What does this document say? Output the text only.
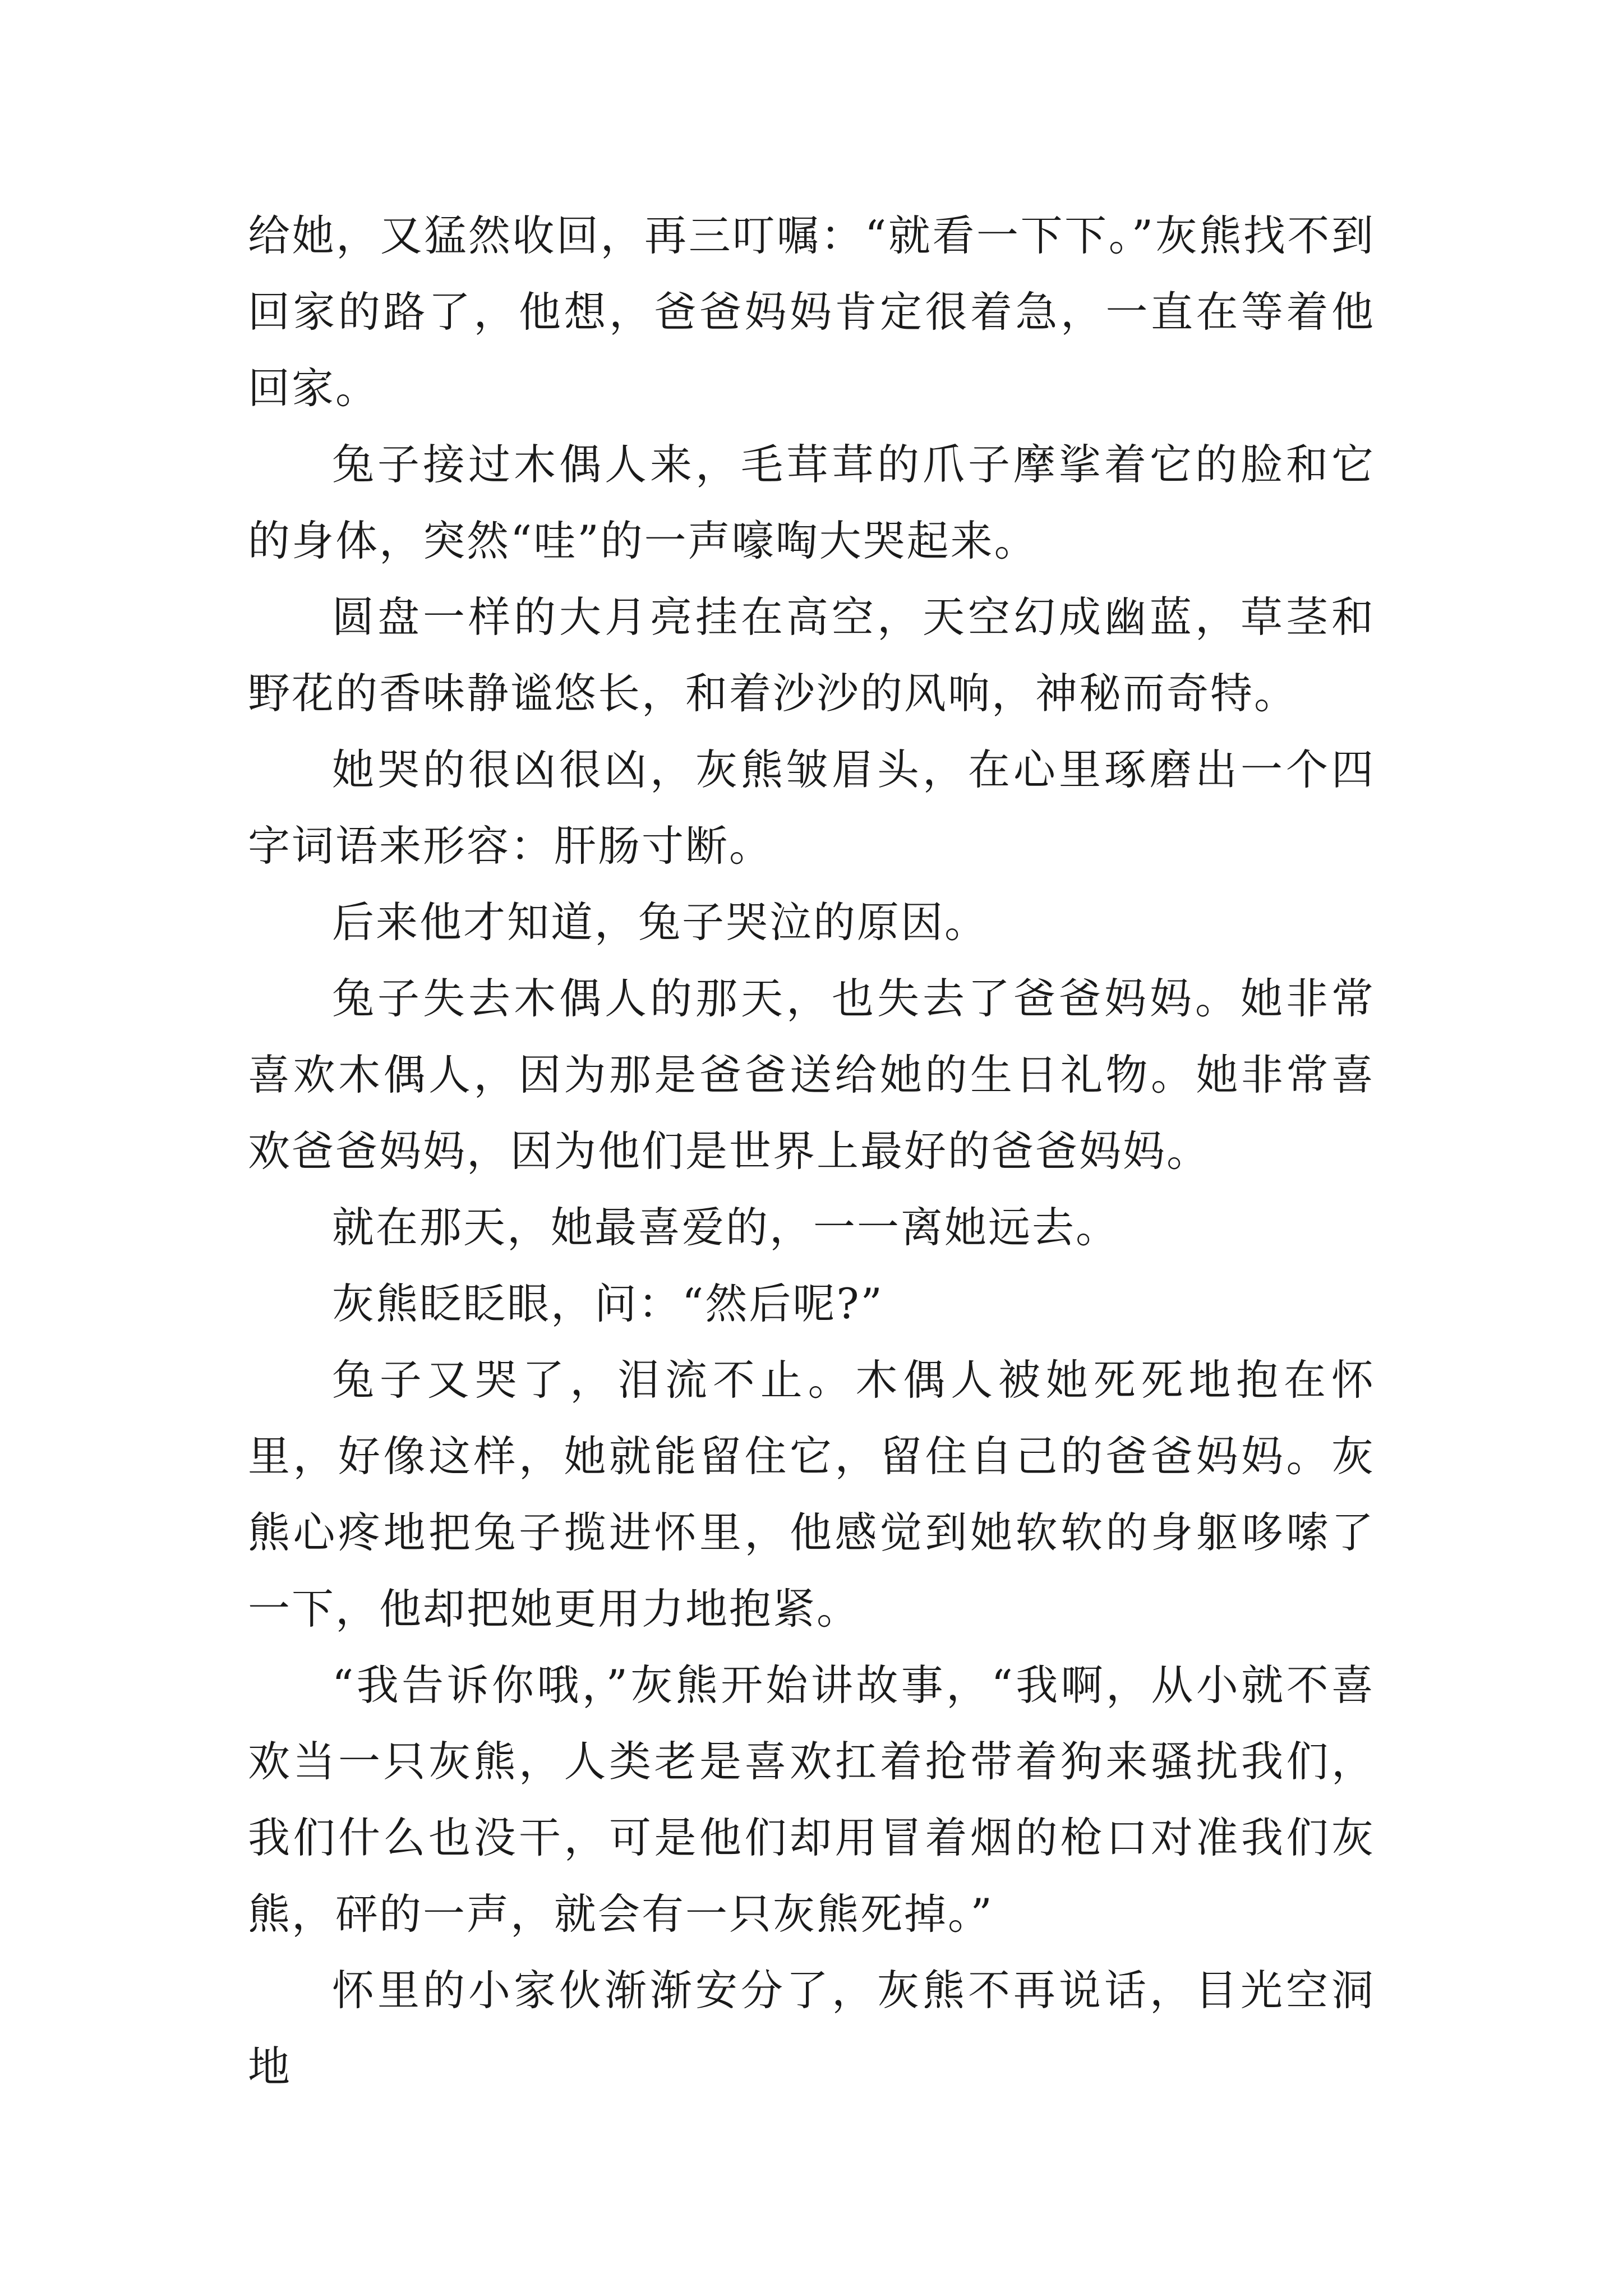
给她，又猛然收回，再三叮嘱：“就看一下下。”灰熊找不到回家的路了，他想，爸爸妈妈肯定很着急，一直在等着他回家。

兔子接过木偶人来，毛茸茸的爪子摩挲着它的脸和它的身体，突然“哇”的一声嚎啕大哭起来。

圆盘一样的大月亮挂在高空，天空幻成幽蓝，草茎和野花的香味静谧悠长，和着沙沙的风响，神秘而奇特。

她哭的很凶很凶，灰熊皱眉头，在心里琢磨出一个四字词语来形容：肝肠寸断。

后来他才知道，兔子哭泣的原因。

兔子失去木偶人的那天，也失去了爸爸妈妈。她非常喜欢木偶人，因为那是爸爸送给她的生日礼物。她非常喜欢爸爸妈妈，因为他们是世界上最好的爸爸妈妈。

就在那天，她最喜爱的，一一离她远去。

灰熊眨眨眼，问：“然后呢?”

兔子又哭了，泪流不止。木偶人被她死死地抱在怀里，好像这样，她就能留住它，留住自己的爸爸妈妈。灰熊心疼地把兔子揽进怀里，他感觉到她软软的身躯哆嗦了一下，他却把她更用力地抱紧。

“我告诉你哦，”灰熊开始讲故事，“我啊，从小就不喜欢当一只灰熊，人类老是喜欢扛着抢带着狗来骚扰我们，我们什么也没干，可是他们却用冒着烟的枪口对准我们灰熊，砰的一声，就会有一只灰熊死掉。”

怀里的小家伙渐渐安分了，灰熊不再说话，目光空洞地
